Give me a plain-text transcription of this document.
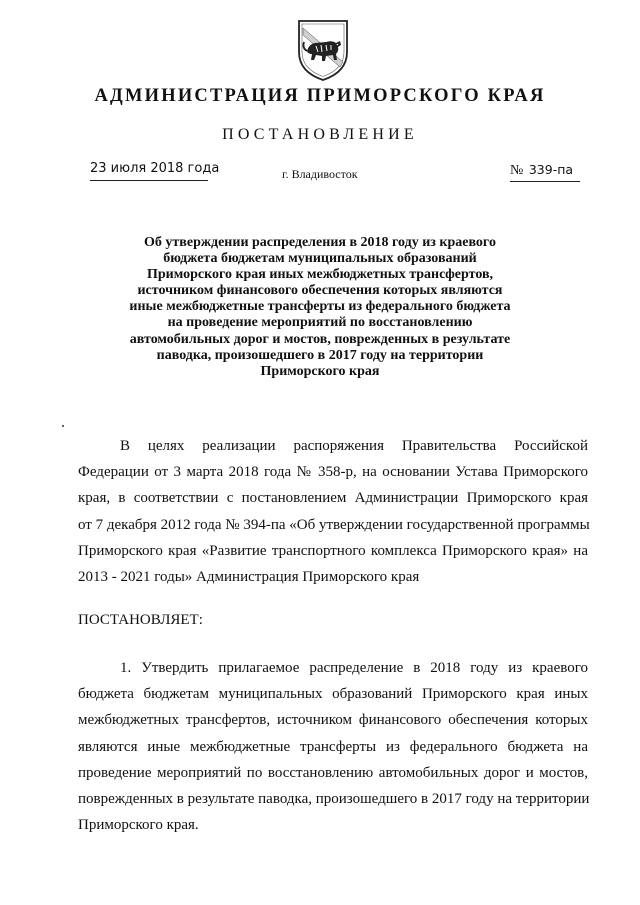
АДМИНИСТРАЦИЯ ПРИМОРСКОГО КРАЯ
ПОСТАНОВЛЕНИЕ
23 июля 2018 года	г. Владивосток	№ 339-па
Об утверждении распределения в 2018 году из краевого
бюджета бюджетам муниципальных образований
Приморского края иных межбюджетных трансфертов,
источником финансового обеспечения которых являются
иные межбюджетные трансферты из федерального бюджета
на проведение мероприятий по восстановлению
автомобильных дорог и мостов, поврежденных в результате
паводка, произошедшего в 2017 году на территории
Приморского края
В целях реализации распоряжения Правительства Российской
Федерации от 3 марта 2018 года № 358-р, на основании Устава Приморского
края, в соответствии с постановлением Администрации Приморского края
от 7 декабря 2012 года № 394-па «Об утверждении государственной программы
Приморского края «Развитие транспортного комплекса Приморского края» на
2013 - 2021 годы» Администрация Приморского края
ПОСТАНОВЛЯЕТ:
1. Утвердить прилагаемое распределение в 2018 году из краевого
бюджета бюджетам муниципальных образований Приморского края иных
межбюджетных трансфертов, источником финансового обеспечения которых
являются иные межбюджетные трансферты из федерального бюджета на
проведение мероприятий по восстановлению автомобильных дорог и мостов,
поврежденных в результате паводка, произошедшего в 2017 году на территории
Приморского края.
